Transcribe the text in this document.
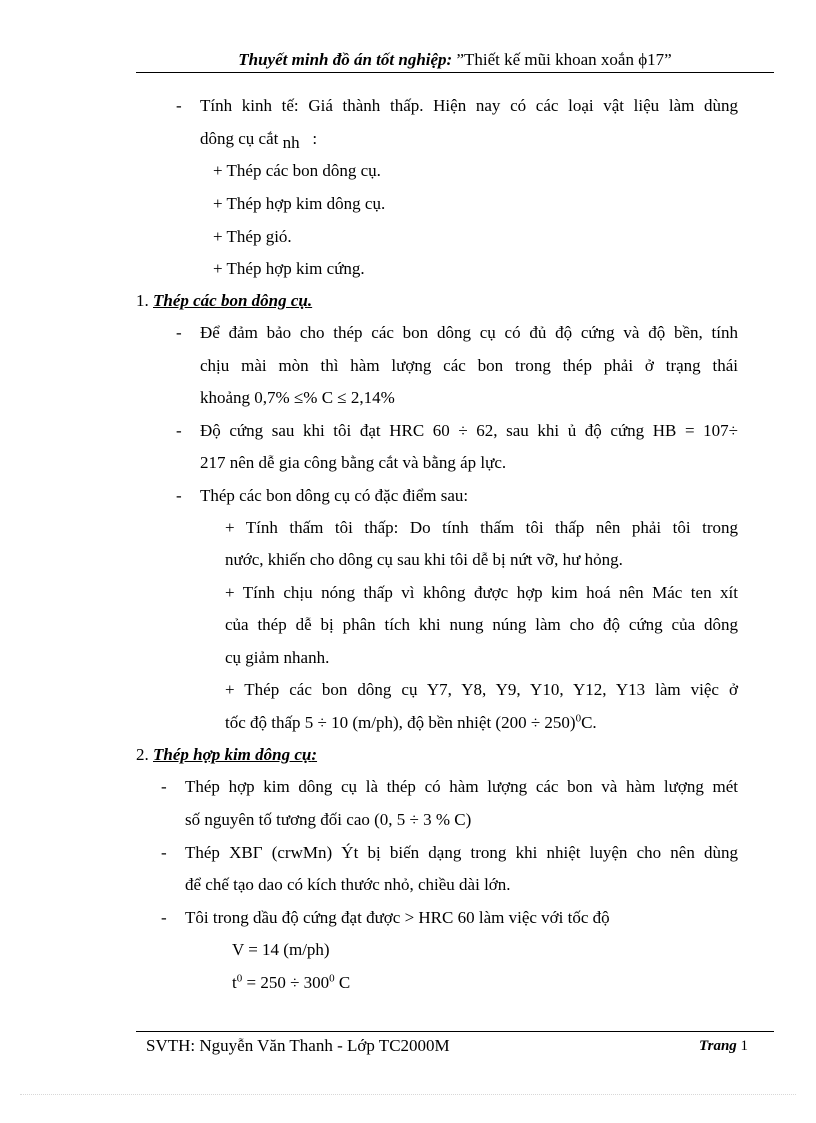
Thuyết minh đồ án tốt nghiệp: ”Thiết kế mũi khoan xoắn ϕ17”
- Tính kinh tế: Giá thành thấp. Hiện nay có các loại vật liệu làm dùng
dông cụ cắt nh :
+ Thép các bon dông cụ.
+ Thép hợp kim dông cụ.
+ Thép gió.
+ Thép hợp kim cứng.
1. Thép các bon dông cụ.
- Để đảm bảo cho thép các bon dông cụ có đủ độ cứng và độ bền, tính
chịu mài mòn thì hàm lượng các bon trong thép phải ở trạng thái
khoảng 0,7% ≤% C ≤ 2,14%
- Độ cứng sau khi tôi đạt HRC 60 ÷ 62, sau khi ủ độ cứng HB = 107÷
217 nên dễ gia công bằng cắt và bằng áp lực.
- Thép các bon dông cụ có đặc điểm sau:
+ Tính thấm tôi thấp: Do tính thấm tôi thấp nên phải tôi trong
nước, khiến cho dông cụ sau khi tôi dễ bị nứt vỡ, hư hỏng.
+ Tính chịu nóng thấp vì không được hợp kim hoá nên Mác ten xít
của thép dễ bị phân tích khi nung núng làm cho độ cứng của dông
cụ giảm nhanh.
+ Thép các bon dông cụ Y7, Y8, Y9, Y10, Y12, Y13 làm việc ở
tốc độ thấp 5 ÷ 10 (m/ph), độ bền nhiệt $(200 \div 250)^0C$.
2. Thép hợp kim dông cụ:
- Thép hợp kim dông cụ là thép có hàm lượng các bon và hàm lượng mét
số nguyên tố tương đối cao (0, 5 ÷ 3 % C)
- Thép XBΓ (crwMn) Ýt bị biến dạng trong khi nhiệt luyện cho nên dùng
để chế tạo dao có kích thước nhỏ, chiều dài lớn.
- Tôi trong dầu độ cứng đạt được > HRC 60 làm việc với tốc độ
V = 14 (m/ph)
$t^0 = 250 \div 300^0$ C
SVTH: Nguyễn Văn Thanh - Lớp TC2000M	Trang 1
